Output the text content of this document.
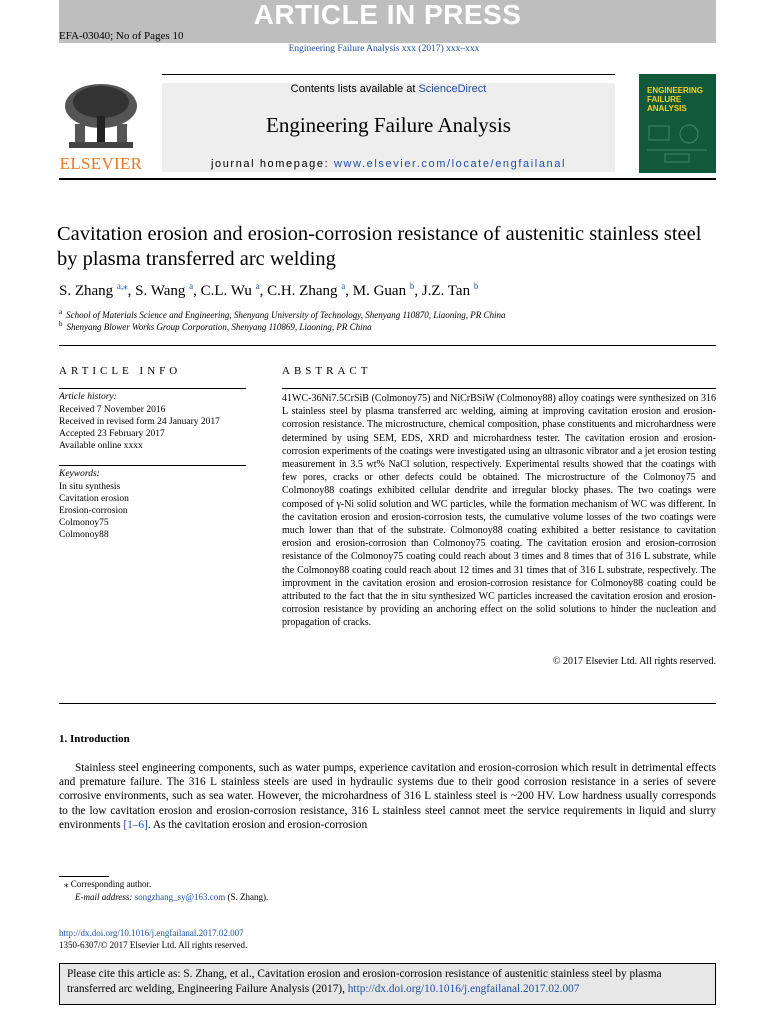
ARTICLE IN PRESS
EFA-03040; No of Pages 10
Engineering Failure Analysis xxx (2017) xxx–xxx
ELSEVIER
Contents lists available at ScienceDirect
Engineering Failure Analysis
journal homepage: www.elsevier.com/locate/engfailanal
ENGINEERING
FAILURE
ANALYSIS
Cavitation erosion and erosion-corrosion resistance of austenitic stainless steel by plasma transferred arc welding
S. Zhang $^{a,⁎}$, S. Wang $^a$, C.L. Wu $^a$, C.H. Zhang $^a$, M. Guan $^b$, J.Z. Tan $^b$
$^a$ School of Materials Science and Engineering, Shenyang University of Technology, Shenyang 110870, Liaoning, PR China
$^b$ Shenyang Blower Works Group Corporation, Shenyang 110869, Liaoning, PR China
ARTICLE INFO
Article history:
Received 7 November 2016
Received in revised form 24 January 2017
Accepted 23 February 2017
Available online xxxx
Keywords:
In situ synthesis
Cavitation erosion
Erosion-corrosion
Colmonoy75
Colmonoy88
ABSTRACT
41WC-36Ni7.5CrSiB (Colmonoy75) and NiCrBSiW (Colmonoy88) alloy coatings were synthesized on 316 L stainless steel by plasma transferred arc welding, aiming at improving cavitation erosion and erosion-corrosion resistance. The microstructure, chemical composition, phase constituents and microhardness were determined by using SEM, EDS, XRD and microhardness tester. The cavitation erosion and erosion-corrosion experiments of the coatings were investigated using an ultrasonic vibrator and a jet erosion testing measurement in 3.5 wt% NaCl solution, respectively. Experimental results showed that the coatings with few pores, cracks or other defects could be obtained. The microstructure of the Colmonoy75 and Colmonoy88 coatings exhibited cellular dendrite and irregular blocky phases. The two coatings were composed of γ-Ni solid solution and WC particles, while the formation mechanism of WC was different. In the cavitation erosion and erosion-corrosion tests, the cumulative volume losses of the two coatings were much lower than that of the substrate. Colmonoy88 coating exhibited a better resistance to cavitation erosion and erosion-corrosion than Colmonoy75 coating. The cavitation erosion and erosion-corrosion resistance of the Colmonoy75 coating could reach about 3 times and 8 times that of 316 L substrate, while the Colmonoy88 coating could reach about 12 times and 31 times that of 316 L substrate, respectively. The improvment in the cavitation erosion and erosion-corrosion resistance for Colmonoy88 coating could be attributed to the fact that the in situ synthesized WC particles increased the cavitation erosion and erosion-corrosion resistance by providing an anchoring effect on the solid solutions to hinder the nucleation and propagation of cracks.
© 2017 Elsevier Ltd. All rights reserved.
1. Introduction
Stainless steel engineering components, such as water pumps, experience cavitation and erosion-corrosion which result in detrimental effects and premature failure. The 316 L stainless steels are used in hydraulic systems due to their good corrosion resistance in a series of severe corrosive environments, such as sea water. However, the microhardness of 316 L stainless steel is ~200 HV. Low hardness usually corresponds to the low cavitation erosion and erosion-corrosion resistance, 316 L stainless steel cannot meet the service requirements in liquid and slurry environments [1–6]. As the cavitation erosion and erosion-corrosion
⁎ Corresponding author.
E-mail address: songzhang_sy@163.com (S. Zhang).
http://dx.doi.org/10.1016/j.engfailanal.2017.02.007
1350-6307/© 2017 Elsevier Ltd. All rights reserved.
Please cite this article as: S. Zhang, et al., Cavitation erosion and erosion-corrosion resistance of austenitic stainless steel by plasma transferred arc welding, Engineering Failure Analysis (2017), http://dx.doi.org/10.1016/j.engfailanal.2017.02.007
